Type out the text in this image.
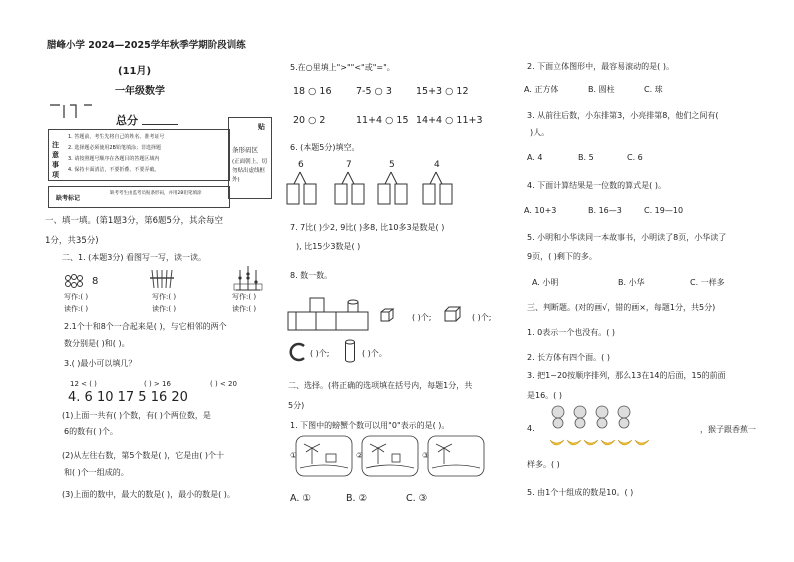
腊峰小学 2024—2025学年秋季学期阶段训练
(11月)
一年级数学
总分
注意事项
1. 答题前，考生先将自己的姓名、准考证号
2. 选择题必须使用2B铅笔填涂；非选择题
3. 请按照题号顺序在各题目的答题区域内
4. 保持卡面清洁，不要折叠、不要弄破。
缺考标记
缺考考生由监考员贴条形码，并用2B铅笔填涂
贴
条形码区
(正面朝上，切勿贴出虚线框外)
一、填一填。(第1题3分，第6题5分，其余每空
1分，共35分)
二、1. (本题3分) 看图写一写，读一读。
8
写作:( )
读作:( )
写作:( )
读作:( )
写作:( )
读作:( )
2.1个十和8个一合起来是( )，与它相邻的两个
数分别是( )和( )。
3.( )最小可以填几？
12 < ( )	( ) > 16	( ) < 20
4. 6 10 17 5 16 20
(1)上面一共有( )个数，有( )个两位数，是
6的数有( )个。
(2)从左往右数，第5个数是( )，它是由( )个十
和( )个一组成的。
(3)上面的数中，最大的数是( )，最小的数是( )。
5.在○里填上">""<"或"="。
18 ○ 16	7-5 ○ 3	15+3 ○ 12
20 ○ 2	11+4 ○ 15 14+4 ○ 11+3
6. (本题5分)填空。
6	7	5	4
7. 7比( )少2, 9比( )多8, 比10多3是数是( )
), 比15少3数是( )
8. 数一数。
( )个;	( )个;
( )个;	( )个。
二、选择。(将正确的选项填在括号内，每题1分，共
5分)
1. 下图中的螃蟹个数可以用"0"表示的是( )。
①	②	③
A. ①	B. ②	C. ③
2. 下面立体图形中，最容易滚动的是( )。
A. 正方体	B. 圆柱	C. 球
3. 从前往后数，小东排第3，小亮排第8，他们之间有(
)人。
A. 4	B. 5	C. 6
4. 下面计算结果是一位数的算式是( )。
A. 10+3	B. 16—3	C. 19—10
5. 小明和小华读同一本故事书，小明读了8页，小华读了
9页，( )剩下的多。
A. 小明	B. 小华	C. 一样多
三、判断题。(对的画√，错的画×，每题1分，共5分)
1. 0表示一个也没有。( )
2. 长方体有四个面。( )
3. 把1~20按顺序排列，那么13在14的后面，15的前面
是16。( )
4.	，猴子跟香蕉一
样多。( )
5. 由1个十组成的数是10。( )
